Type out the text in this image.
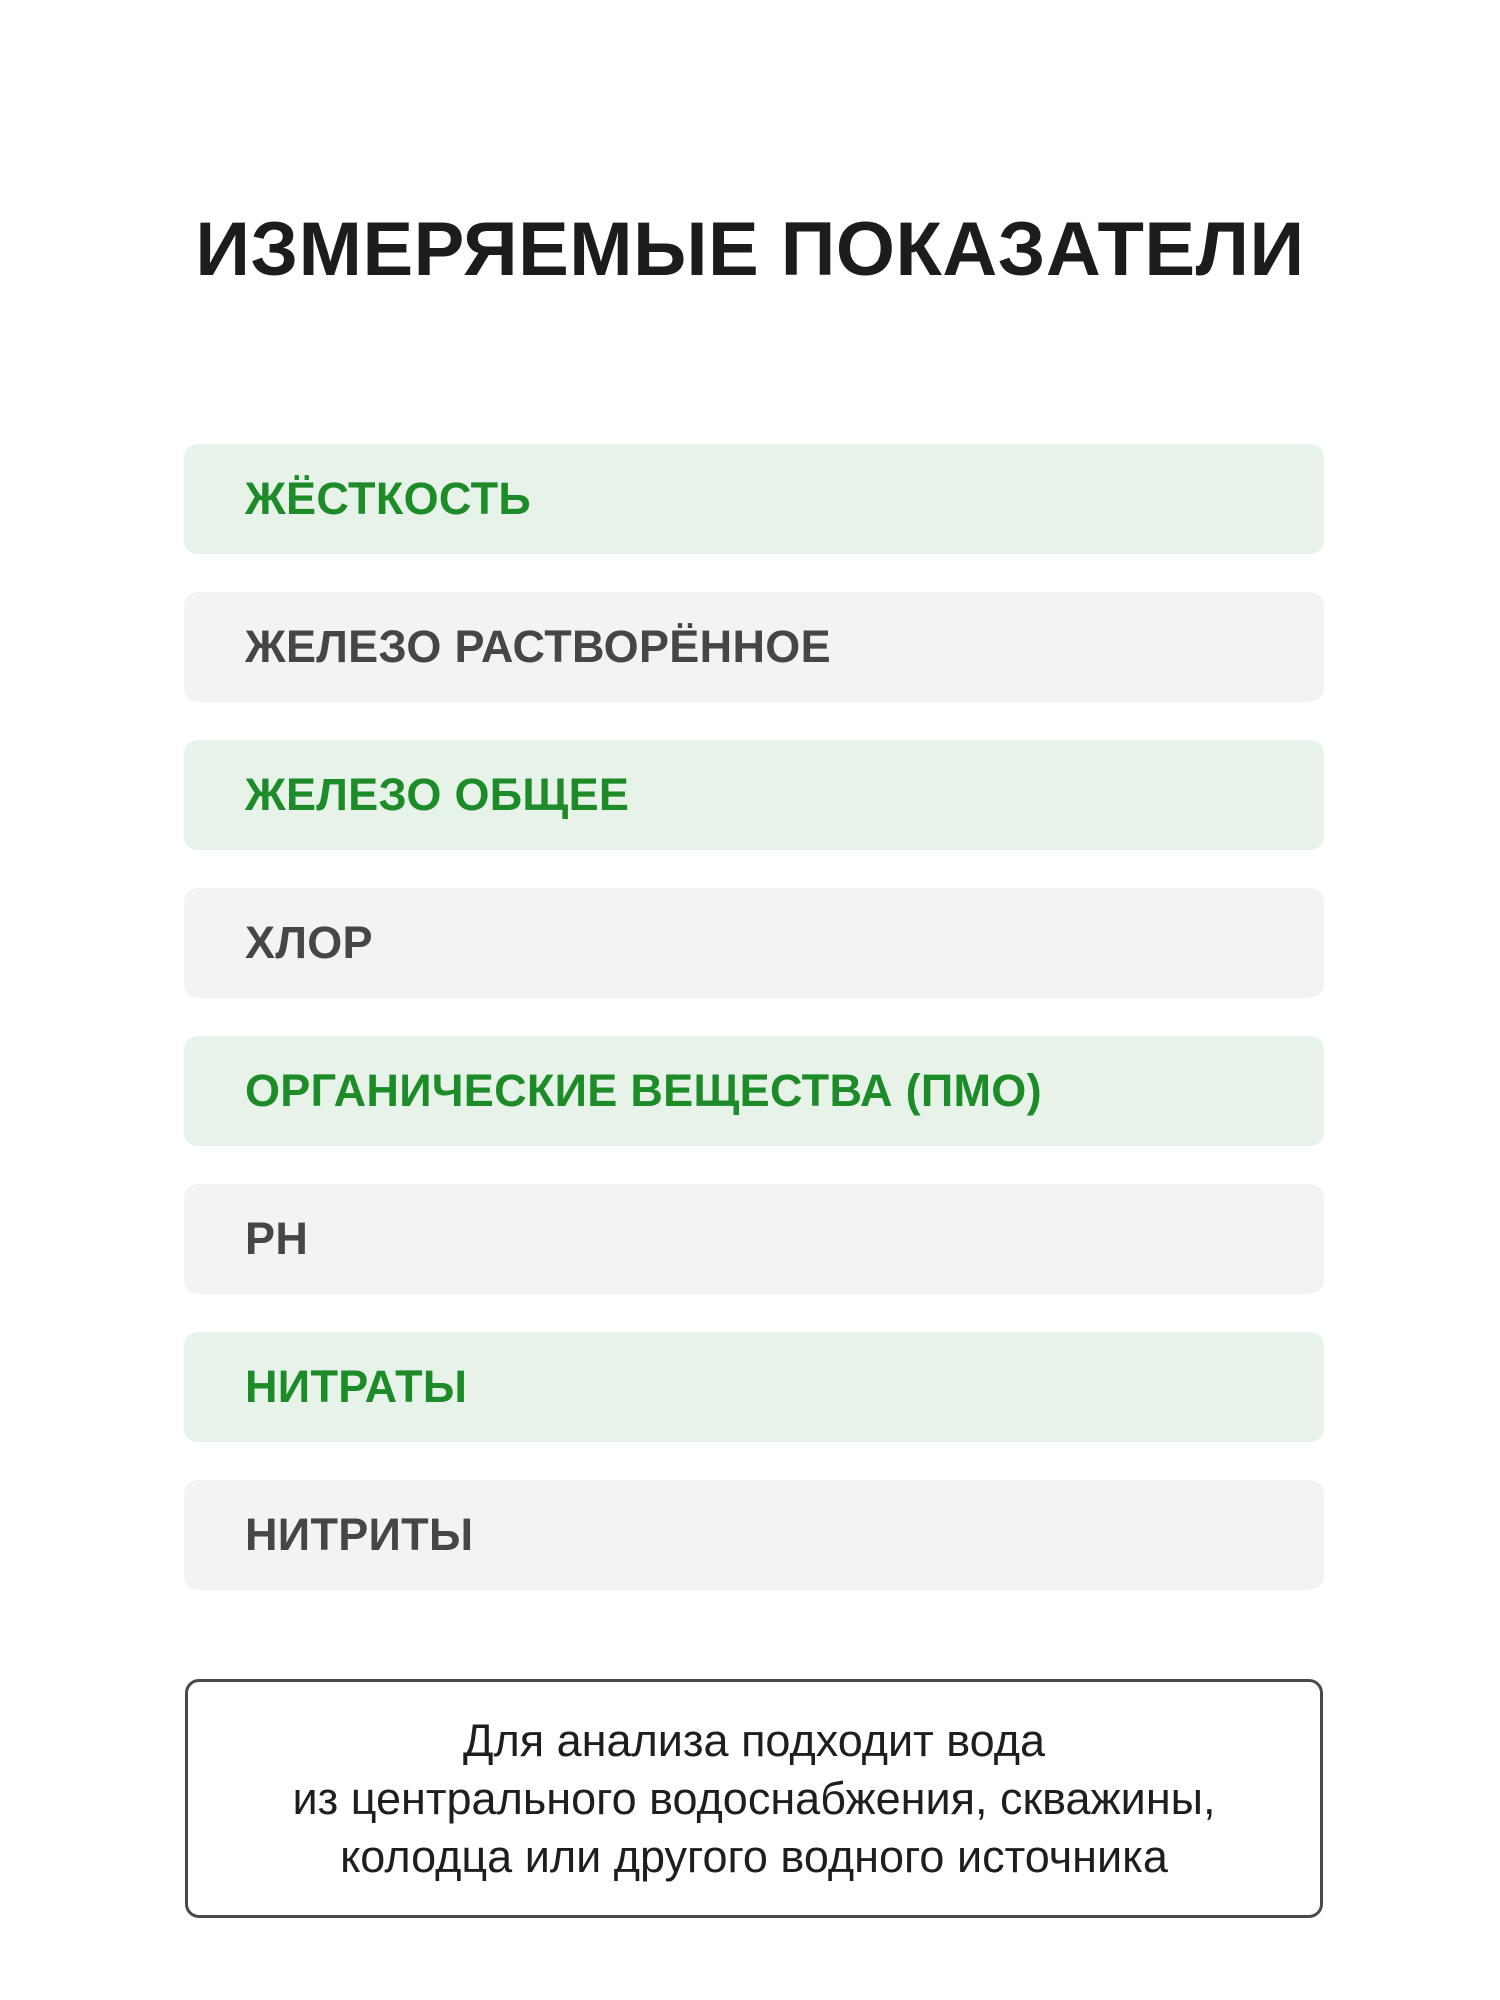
ИЗМЕРЯЕМЫЕ ПОКАЗАТЕЛИ
ЖЁСТКОСТЬ
ЖЕЛЕЗО РАСТВОРЁННОЕ
ЖЕЛЕЗО ОБЩЕЕ
ХЛОР
ОРГАНИЧЕСКИЕ ВЕЩЕСТВА (ПМО)
PH
НИТРАТЫ
НИТРИТЫ
Для анализа подходит вода
из центрального водоснабжения, скважины,
колодца или другого водного источника
